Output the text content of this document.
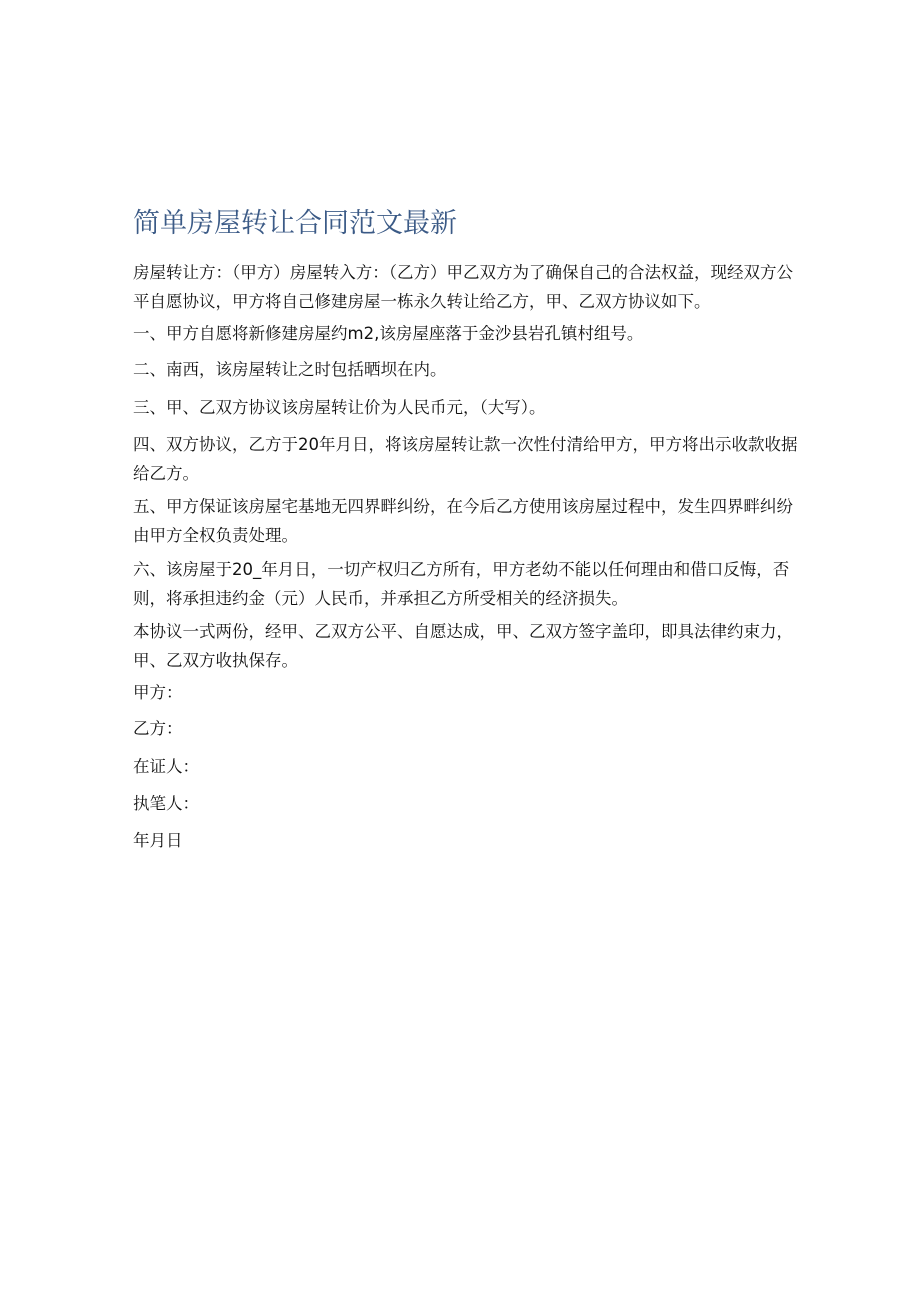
简单房屋转让合同范文最新

房屋转让方：（甲方）房屋转入方：（乙方）甲乙双方为了确保自己的合法权益，现经双方公平自愿协议，甲方将自己修建房屋一栋永久转让给乙方，甲、乙双方协议如下。

一、甲方自愿将新修建房屋约m2,该房屋座落于金沙县岩孔镇村组号。

二、南西，该房屋转让之时包括晒坝在内。

三、甲、乙双方协议该房屋转让价为人民币元，（大写）。

四、双方协议，乙方于20年月日，将该房屋转让款一次性付清给甲方，甲方将出示收款收据给乙方。

五、甲方保证该房屋宅基地无四界畔纠纷，在今后乙方使用该房屋过程中，发生四界畔纠纷由甲方全权负责处理。

六、该房屋于20_年月日，一切产权归乙方所有，甲方老幼不能以任何理由和借口反悔，否则，将承担违约金（元）人民币，并承担乙方所受相关的经济损失。

本协议一式两份，经甲、乙双方公平、自愿达成，甲、乙双方签字盖印，即具法律约束力，甲、乙双方收执保存。

甲方：

乙方：

在证人：

执笔人：

年月日
